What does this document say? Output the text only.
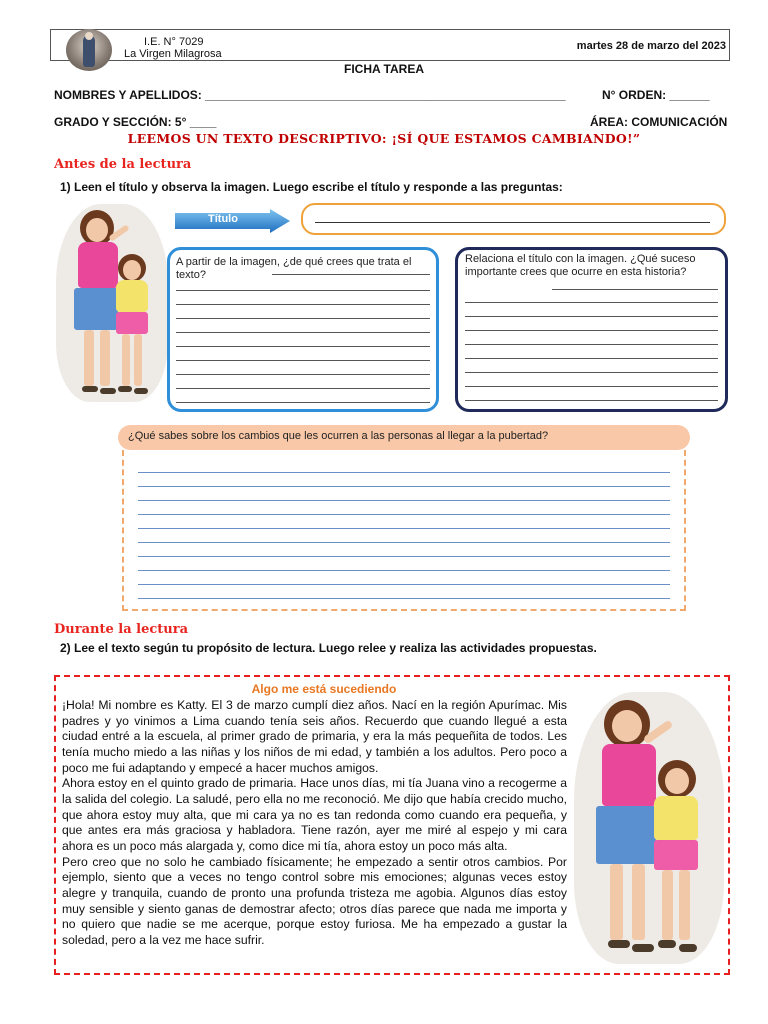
I.E. N° 7029
La Virgen Milagrosa
martes 28 de marzo del 2023
FICHA TAREA
NOMBRES Y APELLIDOS: ______________________________________________________	N° ORDEN: ______
GRADO Y SECCIÓN: 5° ____	ÁREA: COMUNICACIÓN
LEEMOS UN TEXTO DESCRIPTIVO: ¡SÍ QUE ESTAMOS CAMBIANDO!”
Antes de la lectura
1) Leen el título y observa la imagen. Luego escribe el título y responde a las preguntas:
Título
A partir de la imagen, ¿de qué crees que trata el texto?
Relaciona el título con la imagen. ¿Qué suceso importante crees que ocurre en esta historia?
¿Qué sabes sobre los cambios que les ocurren a las personas al llegar a la pubertad?
Durante la lectura
2) Lee el texto según tu propósito de lectura. Luego relee y realiza las actividades propuestas.
Algo me está sucediendo

¡Hola! Mi nombre es Katty. El 3 de marzo cumplí diez años. Nací en la región Apurímac. Mis padres y yo vinimos a Lima cuando tenía seis años. Recuerdo que cuando llegué a esta ciudad entré a la escuela, al primer grado de primaria, y era la más pequeñita de todos. Les tenía mucho miedo a las niñas y los niños de mi edad, y también a los adultos. Pero poco a poco me fui adaptando y empecé a hacer muchos amigos.

Ahora estoy en el quinto grado de primaria. Hace unos días, mi tía Juana vino a recogerme a la salida del colegio. La saludé, pero ella no me reconoció. Me dijo que había crecido mucho, que ahora estoy muy alta, que mi cara ya no es tan redonda como cuando era pequeña, y que antes era más graciosa y habladora. Tiene razón, ayer me miré al espejo y mi cara ahora es un poco más alargada y, como dice mi tía, ahora estoy un poco más alta.

Pero creo que no solo he cambiado físicamente; he empezado a sentir otros cambios. Por ejemplo, siento que a veces no tengo control sobre mis emociones; algunas veces estoy alegre y tranquila, cuando de pronto una profunda tristeza me agobia. Algunos días estoy muy sensible y siento ganas de demostrar afecto; otros días parece que nada me importa y no quiero que nadie se me acerque, porque estoy furiosa. Me ha empezado a gustar la soledad, pero a la vez me hace sufrir.
